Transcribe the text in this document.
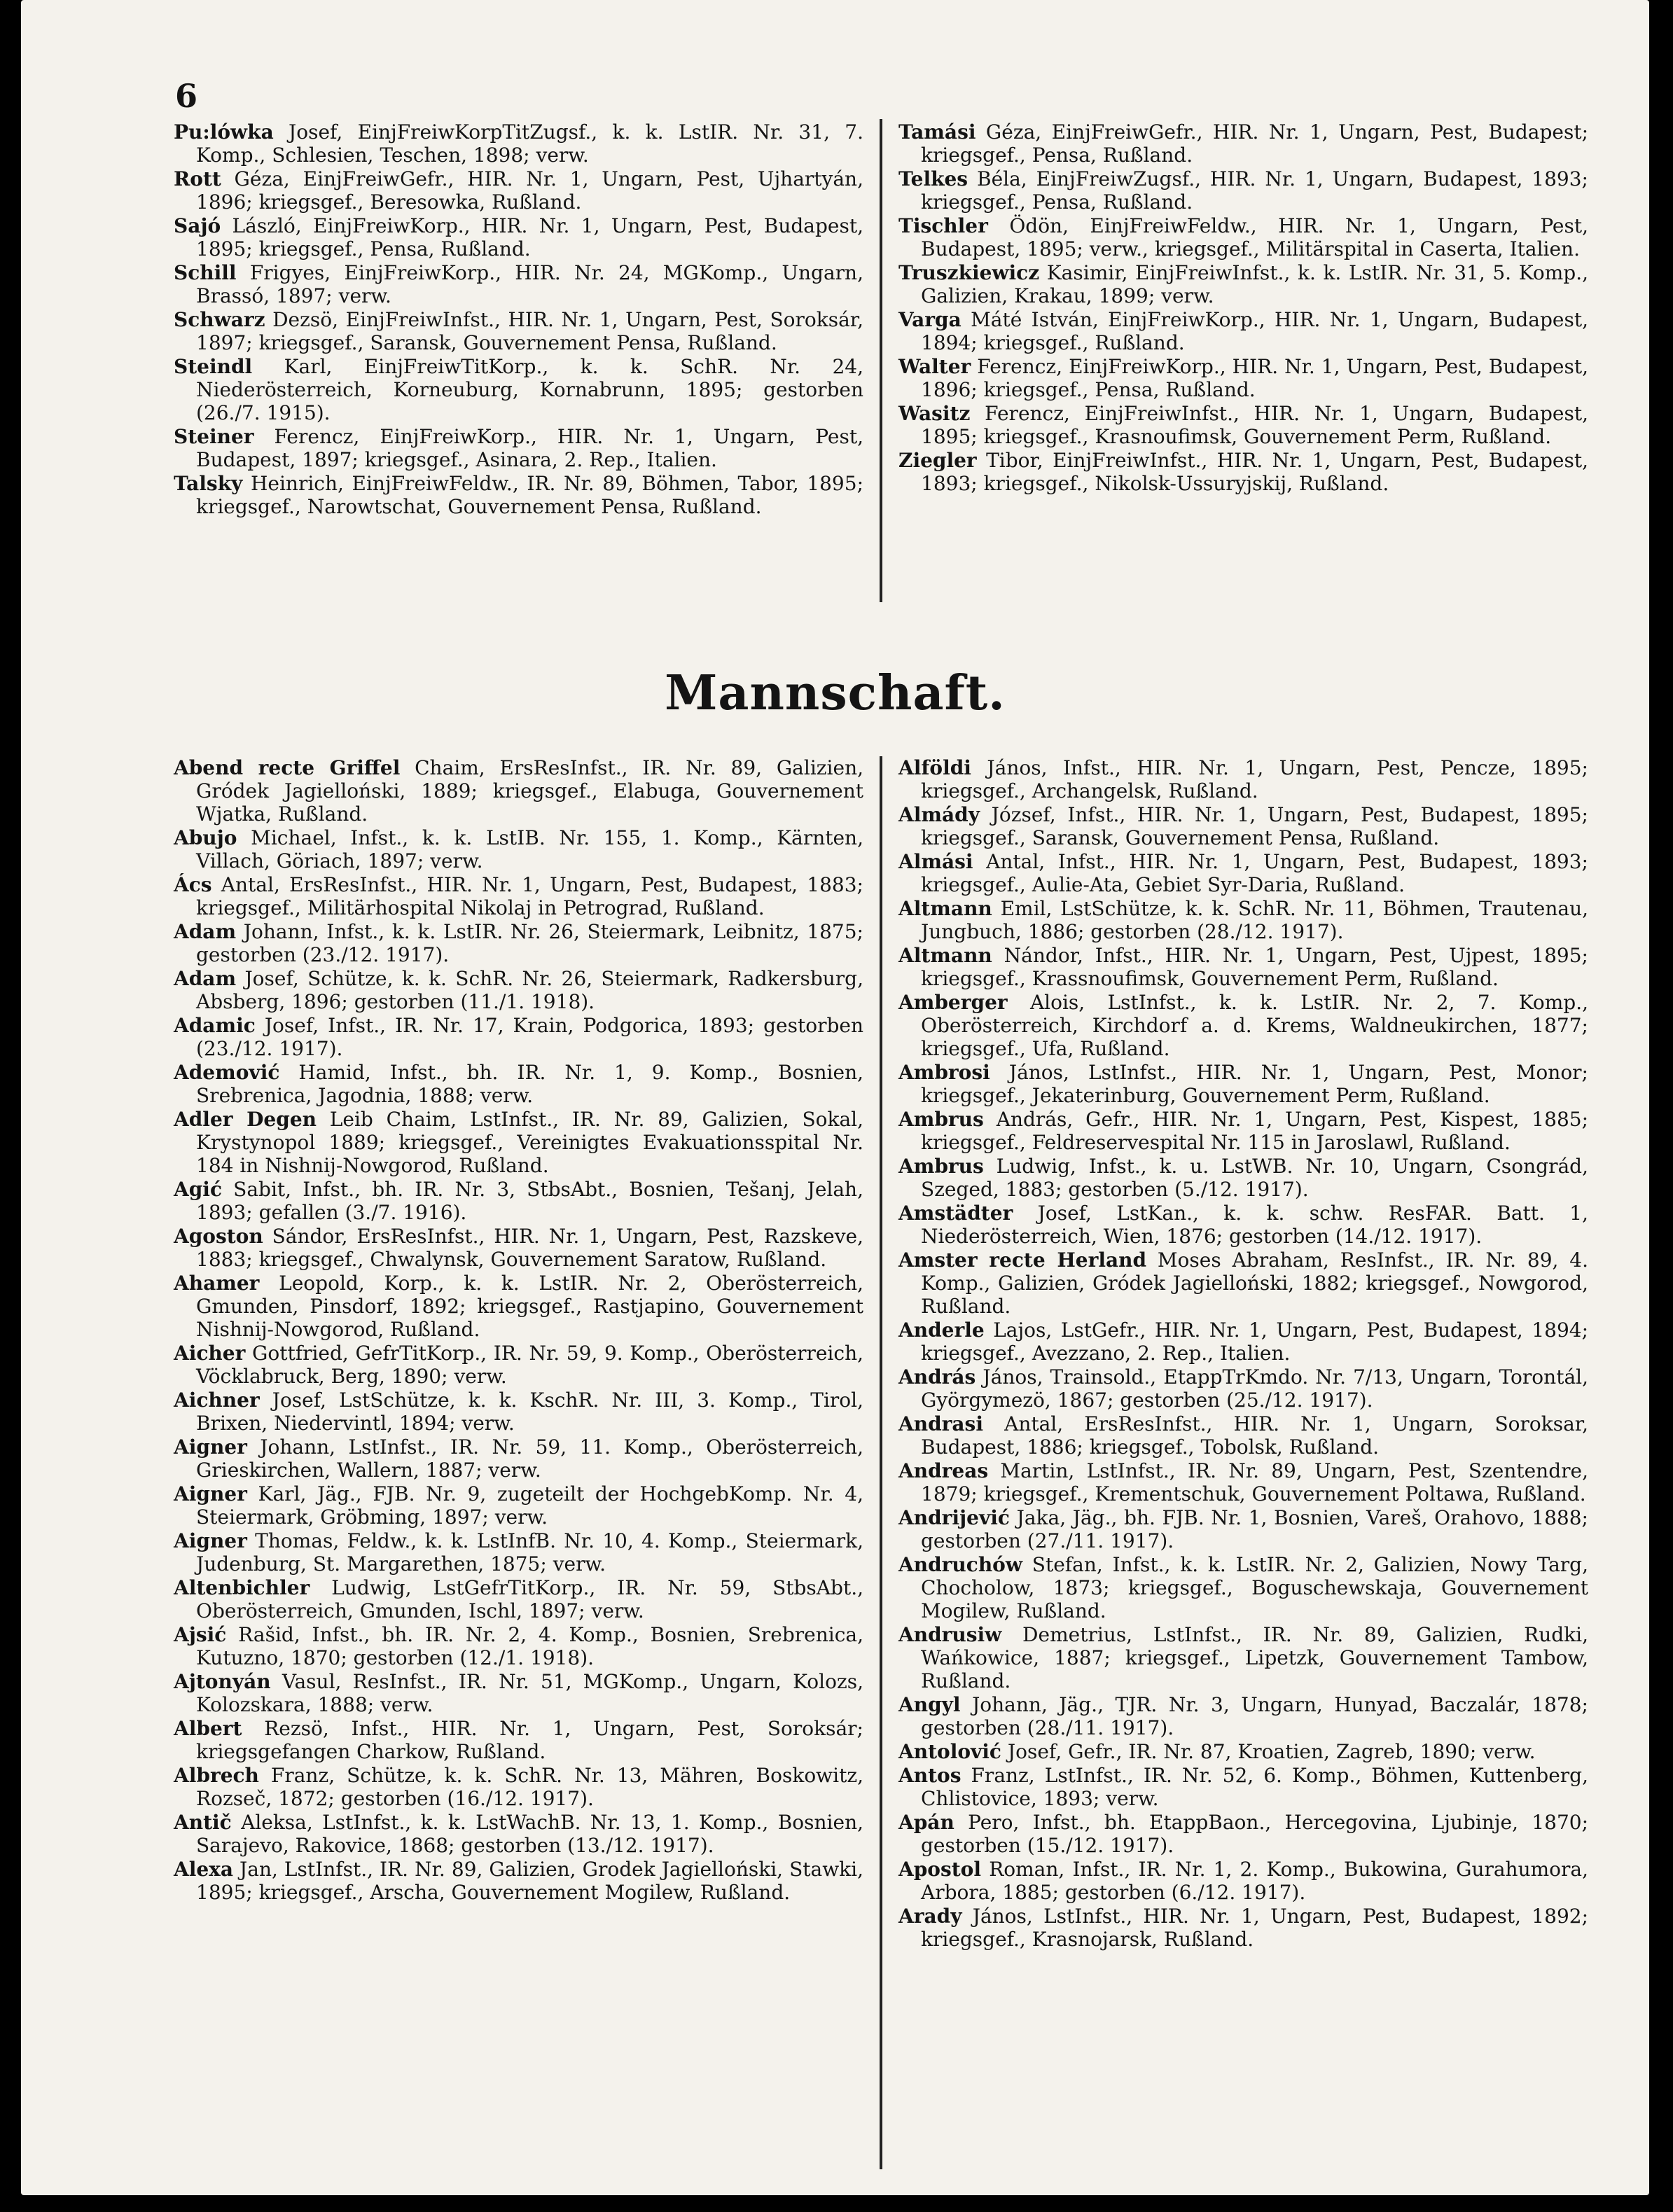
6

Pu:lówka Josef, EinjFreiwKorpTitZugsf., k. k. LstIR. Nr. 31, 7. Komp., Schlesien, Teschen, 1898; verw.

Rott Géza, EinjFreiwGefr., HIR. Nr. 1, Ungarn, Pest, Ujhartyán, 1896; kriegsgef., Beresowka, Rußland.

Sajó László, EinjFreiwKorp., HIR. Nr. 1, Ungarn, Pest, Budapest, 1895; kriegsgef., Pensa, Rußland.

Schill Frigyes, EinjFreiwKorp., HIR. Nr. 24, MGKomp., Ungarn, Brassó, 1897; verw.

Schwarz Dezsö, EinjFreiwInfst., HIR. Nr. 1, Ungarn, Pest, Soroksár, 1897; kriegsgef., Saransk, Gouvernement Pensa, Rußland.

Steindl Karl, EinjFreiwTitKorp., k. k. SchR. Nr. 24, Niederösterreich, Korneuburg, Kornabrunn, 1895; gestorben (26./7. 1915).

Steiner Ferencz, EinjFreiwKorp., HIR. Nr. 1, Ungarn, Pest, Budapest, 1897; kriegsgef., Asinara, 2. Rep., Italien.

Talsky Heinrich, EinjFreiwFeldw., IR. Nr. 89, Böhmen, Tabor, 1895; kriegsgef., Narowtschat, Gouvernement Pensa, Rußland.

Tamási Géza, EinjFreiwGefr., HIR. Nr. 1, Ungarn, Pest, Budapest; kriegsgef., Pensa, Rußland.

Telkes Béla, EinjFreiwZugsf., HIR. Nr. 1, Ungarn, Budapest, 1893; kriegsgef., Pensa, Rußland.

Tischler Ödön, EinjFreiwFeldw., HIR. Nr. 1, Ungarn, Pest, Budapest, 1895; verw., kriegsgef., Militärspital in Caserta, Italien.

Truszkiewicz Kasimir, EinjFreiwInfst., k. k. LstIR. Nr. 31, 5. Komp., Galizien, Krakau, 1899; verw.

Varga Máté István, EinjFreiwKorp., HIR. Nr. 1, Ungarn, Budapest, 1894; kriegsgef., Rußland.

Walter Ferencz, EinjFreiwKorp., HIR. Nr. 1, Ungarn, Pest, Budapest, 1896; kriegsgef., Pensa, Rußland.

Wasitz Ferencz, EinjFreiwInfst., HIR. Nr. 1, Ungarn, Budapest, 1895; kriegsgef., Krasnoufimsk, Gouvernement Perm, Rußland.

Ziegler Tibor, EinjFreiwInfst., HIR. Nr. 1, Ungarn, Pest, Budapest, 1893; kriegsgef., Nikolsk-Ussuryjskij, Rußland.

Mannschaft.

Abend recte Griffel Chaim, ErsResInfst., IR. Nr. 89, Galizien, Gródek Jagielloński, 1889; kriegsgef., Elabuga, Gouvernement Wjatka, Rußland.

Abujo Michael, Infst., k. k. LstIB. Nr. 155, 1. Komp., Kärnten, Villach, Göriach, 1897; verw.

Ács Antal, ErsResInfst., HIR. Nr. 1, Ungarn, Pest, Budapest, 1883; kriegsgef., Militärhospital Nikolaj in Petrograd, Rußland.

Adam Johann, Infst., k. k. LstIR. Nr. 26, Steiermark, Leibnitz, 1875; gestorben (23./12. 1917).

Adam Josef, Schütze, k. k. SchR. Nr. 26, Steiermark, Radkersburg, Absberg, 1896; gestorben (11./1. 1918).

Adamic Josef, Infst., IR. Nr. 17, Krain, Podgorica, 1893; gestorben (23./12. 1917).

Ademović Hamid, Infst., bh. IR. Nr. 1, 9. Komp., Bosnien, Srebrenica, Jagodnia, 1888; verw.

Adler Degen Leib Chaim, LstInfst., IR. Nr. 89, Galizien, Sokal, Krystynopol 1889; kriegsgef., Vereinigtes Evakuationsspital Nr. 184 in Nishnij-Nowgorod, Rußland.

Agić Sabit, Infst., bh. IR. Nr. 3, StbsAbt., Bosnien, Tešanj, Jelah, 1893; gefallen (3./7. 1916).

Agoston Sándor, ErsResInfst., HIR. Nr. 1, Ungarn, Pest, Razskeve, 1883; kriegsgef., Chwalynsk, Gouvernement Saratow, Rußland.

Ahamer Leopold, Korp., k. k. LstIR. Nr. 2, Oberösterreich, Gmunden, Pinsdorf, 1892; kriegsgef., Rastjapino, Gouvernement Nishnij-Nowgorod, Rußland.

Aicher Gottfried, GefrTitKorp., IR. Nr. 59, 9. Komp., Oberösterreich, Vöcklabruck, Berg, 1890; verw.

Aichner Josef, LstSchütze, k. k. KschR. Nr. III, 3. Komp., Tirol, Brixen, Niedervintl, 1894; verw.

Aigner Johann, LstInfst., IR. Nr. 59, 11. Komp., Oberösterreich, Grieskirchen, Wallern, 1887; verw.

Aigner Karl, Jäg., FJB. Nr. 9, zugeteilt der HochgebKomp. Nr. 4, Steiermark, Gröbming, 1897; verw.

Aigner Thomas, Feldw., k. k. LstInfB. Nr. 10, 4. Komp., Steiermark, Judenburg, St. Margarethen, 1875; verw.

Altenbichler Ludwig, LstGefrTitKorp., IR. Nr. 59, StbsAbt., Oberösterreich, Gmunden, Ischl, 1897; verw.

Ajsić Rašid, Infst., bh. IR. Nr. 2, 4. Komp., Bosnien, Srebrenica, Kutuzno, 1870; gestorben (12./1. 1918).

Ajtonyán Vasul, ResInfst., IR. Nr. 51, MGKomp., Ungarn, Kolozs, Kolozskara, 1888; verw.

Albert Rezsö, Infst., HIR. Nr. 1, Ungarn, Pest, Soroksár; kriegsgefangen Charkow, Rußland.

Albrech Franz, Schütze, k. k. SchR. Nr. 13, Mähren, Boskowitz, Rozseč, 1872; gestorben (16./12. 1917).

Antič Aleksa, LstInfst., k. k. LstWachB. Nr. 13, 1. Komp., Bosnien, Sarajevo, Rakovice, 1868; gestorben (13./12. 1917).

Alexa Jan, LstInfst., IR. Nr. 89, Galizien, Grodek Jagielloński, Stawki, 1895; kriegsgef., Arscha, Gouvernement Mogilew, Rußland.

Alföldi János, Infst., HIR. Nr. 1, Ungarn, Pest, Pencze, 1895; kriegsgef., Archangelsk, Rußland.

Almády József, Infst., HIR. Nr. 1, Ungarn, Pest, Budapest, 1895; kriegsgef., Saransk, Gouvernement Pensa, Rußland.

Almási Antal, Infst., HIR. Nr. 1, Ungarn, Pest, Budapest, 1893; kriegsgef., Aulie-Ata, Gebiet Syr-Daria, Rußland.

Altmann Emil, LstSchütze, k. k. SchR. Nr. 11, Böhmen, Trautenau, Jungbuch, 1886; gestorben (28./12. 1917).

Altmann Nándor, Infst., HIR. Nr. 1, Ungarn, Pest, Ujpest, 1895; kriegsgef., Krassnoufimsk, Gouvernement Perm, Rußland.

Amberger Alois, LstInfst., k. k. LstIR. Nr. 2, 7. Komp., Oberösterreich, Kirchdorf a. d. Krems, Waldneukirchen, 1877; kriegsgef., Ufa, Rußland.

Ambrosi János, LstInfst., HIR. Nr. 1, Ungarn, Pest, Monor; kriegsgef., Jekaterinburg, Gouvernement Perm, Rußland.

Ambrus András, Gefr., HIR. Nr. 1, Ungarn, Pest, Kispest, 1885; kriegsgef., Feldreservespital Nr. 115 in Jaroslawl, Rußland.

Ambrus Ludwig, Infst., k. u. LstWB. Nr. 10, Ungarn, Csongrád, Szeged, 1883; gestorben (5./12. 1917).

Amstädter Josef, LstKan., k. k. schw. ResFAR. Batt. 1, Niederösterreich, Wien, 1876; gestorben (14./12. 1917).

Amster recte Herland Moses Abraham, ResInfst., IR. Nr. 89, 4. Komp., Galizien, Gródek Jagielloński, 1882; kriegsgef., Nowgorod, Rußland.

Anderle Lajos, LstGefr., HIR. Nr. 1, Ungarn, Pest, Budapest, 1894; kriegsgef., Avezzano, 2. Rep., Italien.

András János, Trainsold., EtappTrKmdo. Nr. 7/13, Ungarn, Torontál, Györgymezö, 1867; gestorben (25./12. 1917).

Andrasi Antal, ErsResInfst., HIR. Nr. 1, Ungarn, Soroksar, Budapest, 1886; kriegsgef., Tobolsk, Rußland.

Andreas Martin, LstInfst., IR. Nr. 89, Ungarn, Pest, Szentendre, 1879; kriegsgef., Krementschuk, Gouvernement Poltawa, Rußland.

Andrijević Jaka, Jäg., bh. FJB. Nr. 1, Bosnien, Vareš, Orahovo, 1888; gestorben (27./11. 1917).

Andruchów Stefan, Infst., k. k. LstIR. Nr. 2, Galizien, Nowy Targ, Chocholow, 1873; kriegsgef., Boguschewskaja, Gouvernement Mogilew, Rußland.

Andrusiw Demetrius, LstInfst., IR. Nr. 89, Galizien, Rudki, Wańkowice, 1887; kriegsgef., Lipetzk, Gouvernement Tambow, Rußland.

Angyl Johann, Jäg., TJR. Nr. 3, Ungarn, Hunyad, Baczalár, 1878; gestorben (28./11. 1917).

Antolović Josef, Gefr., IR. Nr. 87, Kroatien, Zagreb, 1890; verw.

Antos Franz, LstInfst., IR. Nr. 52, 6. Komp., Böhmen, Kuttenberg, Chlistovice, 1893; verw.

Apán Pero, Infst., bh. EtappBaon., Hercegovina, Ljubinje, 1870; gestorben (15./12. 1917).

Apostol Roman, Infst., IR. Nr. 1, 2. Komp., Bukowina, Gurahumora, Arbora, 1885; gestorben (6./12. 1917).

Arady János, LstInfst., HIR. Nr. 1, Ungarn, Pest, Budapest, 1892; kriegsgef., Krasnojarsk, Rußland.
